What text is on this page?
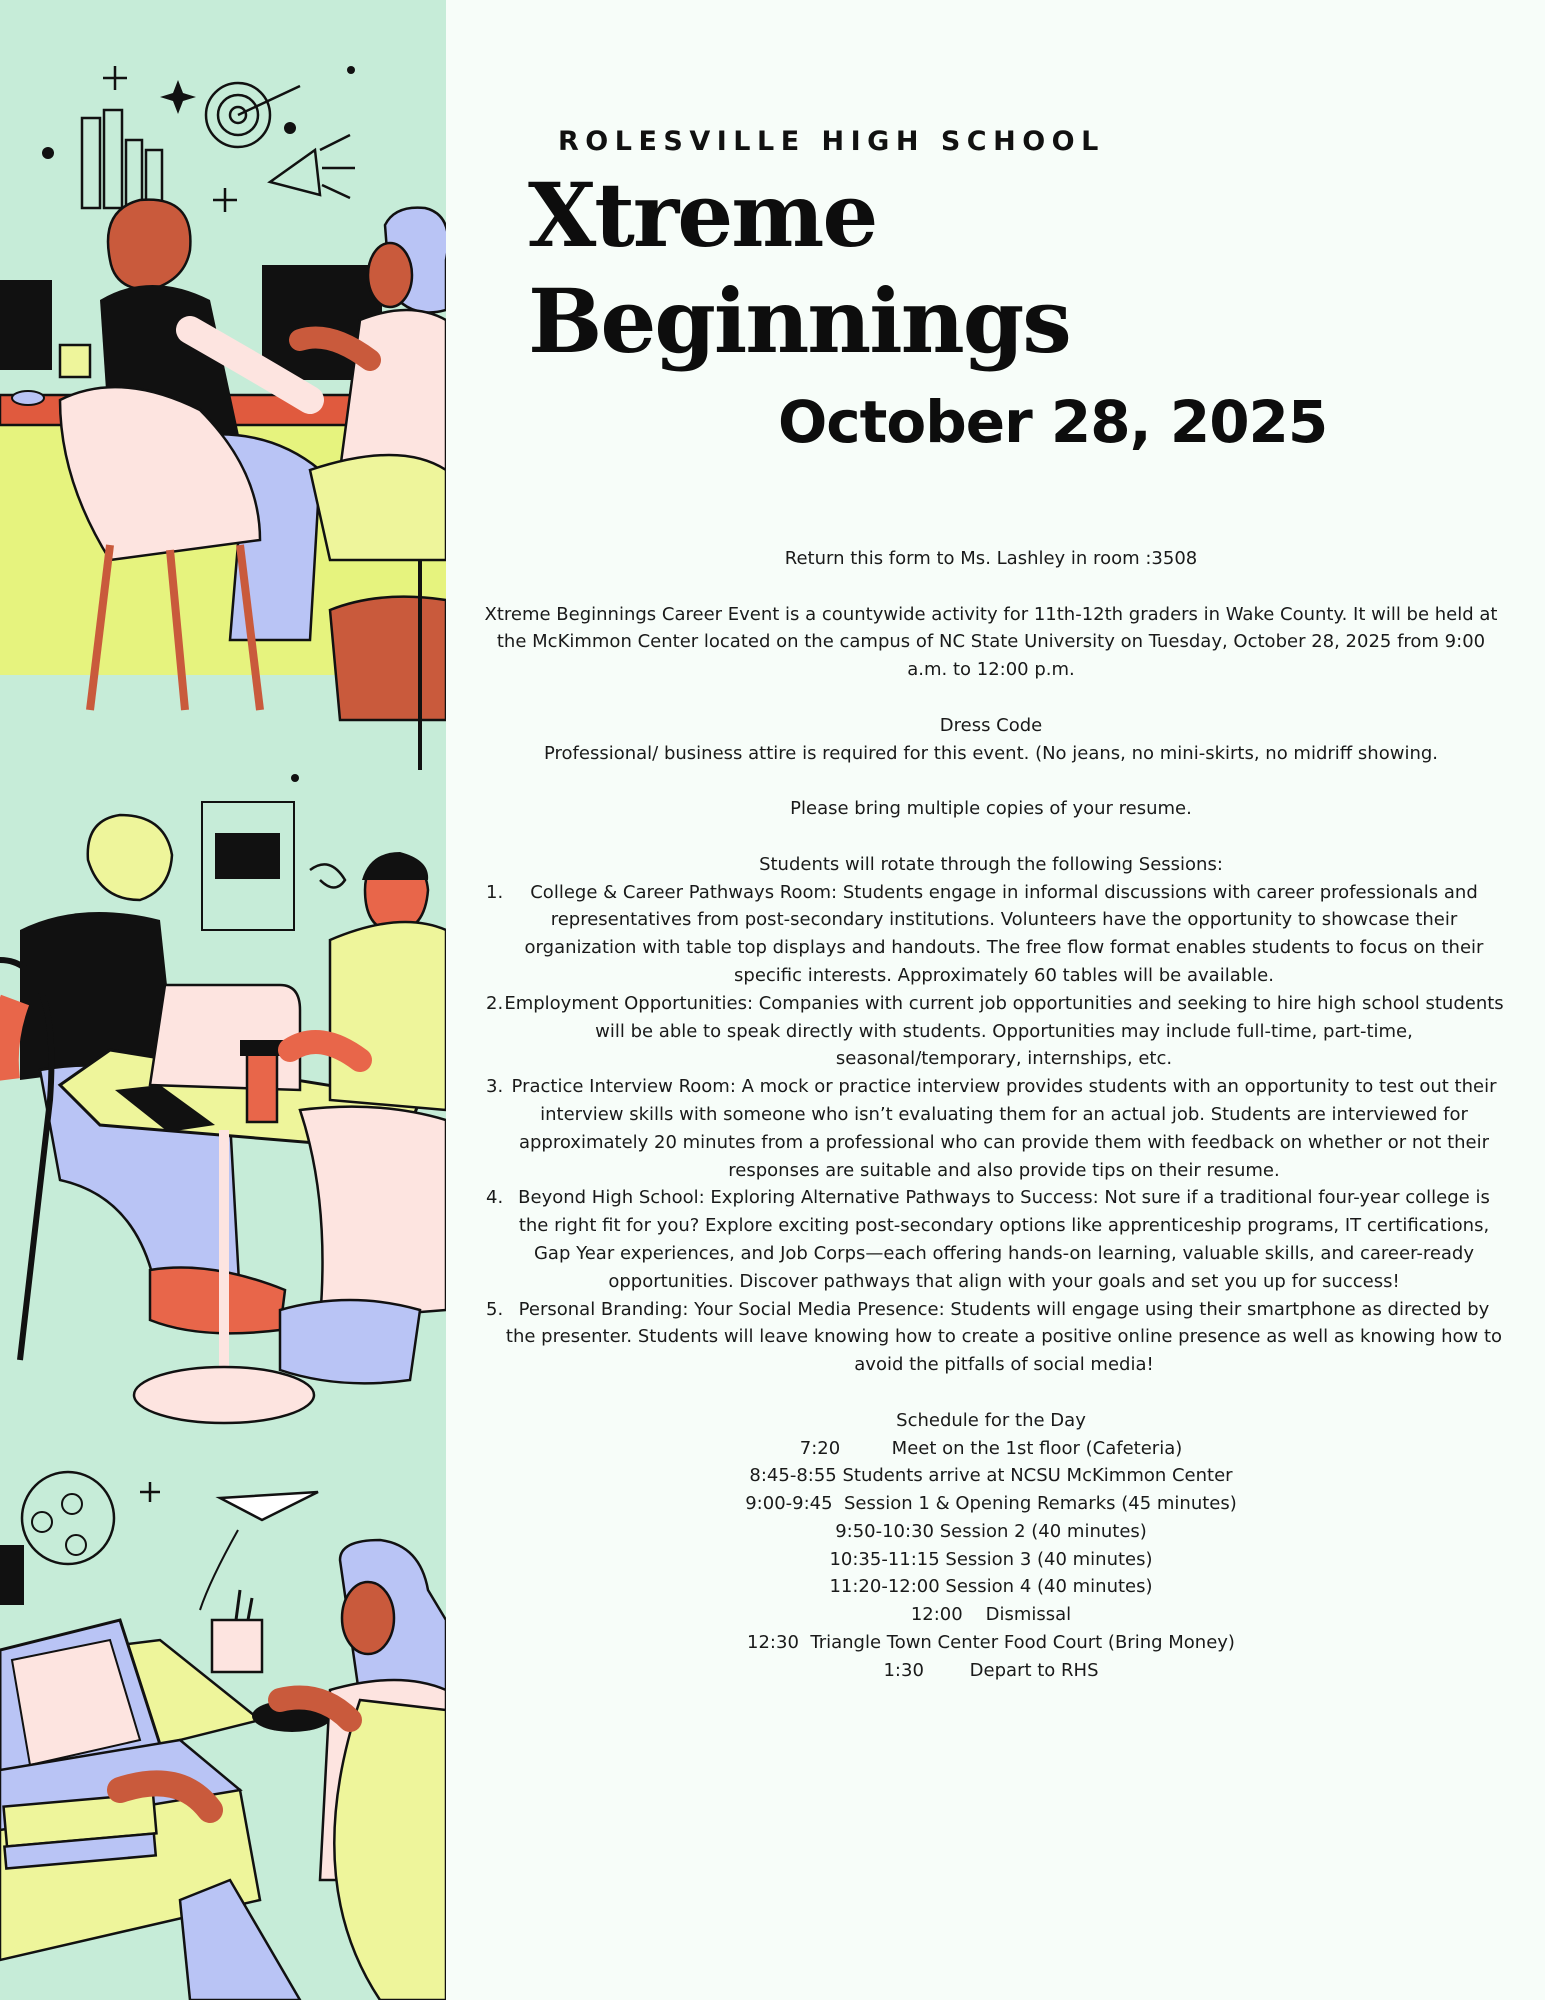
ROLESVILLE HIGH SCHOOL
Xtreme
Beginnings
October 28, 2025

Return this form to Ms. Lashley in room :3508

Xtreme Beginnings Career Event is a countywide activity for 11th-12th graders in Wake County. It will be held at the McKimmon Center located on the campus of NC State University on Tuesday, October 28, 2025 from 9:00 a.m. to 12:00 p.m.

Dress Code

Professional/ business attire is required for this event. (No jeans, no mini-skirts, no midriff showing.

Please bring multiple copies of your resume.

Students will rotate through the following Sessions:

1. College & Career Pathways Room: Students engage in informal discussions with career professionals and representatives from post-secondary institutions. Volunteers have the opportunity to showcase their organization with table top displays and handouts. The free flow format enables students to focus on their specific interests. Approximately 60 tables will be available.
2. Employment Opportunities: Companies with current job opportunities and seeking to hire high school students will be able to speak directly with students. Opportunities may include full-time, part-time, seasonal/temporary, internships, etc.
3. Practice Interview Room: A mock or practice interview provides students with an opportunity to test out their interview skills with someone who isn’t evaluating them for an actual job. Students are interviewed for approximately 20 minutes from a professional who can provide them with feedback on whether or not their responses are suitable and also provide tips on their resume.
4. Beyond High School: Exploring Alternative Pathways to Success: Not sure if a traditional four-year college is the right fit for you? Explore exciting post-secondary options like apprenticeship programs, IT certifications, Gap Year experiences, and Job Corps—each offering hands-on learning, valuable skills, and career-ready opportunities. Discover pathways that align with your goals and set you up for success!
5. Personal Branding: Your Social Media Presence: Students will engage using their smartphone as directed by the presenter. Students will leave knowing how to create a positive online presence as well as knowing how to avoid the pitfalls of social media!

Schedule for the Day

7:20         Meet on the 1st floor (Cafeteria)

8:45-8:55 Students arrive at NCSU McKimmon Center

9:00-9:45  Session 1 & Opening Remarks (45 minutes)

9:50-10:30 Session 2 (40 minutes)

10:35-11:15 Session 3 (40 minutes)

11:20-12:00 Session 4 (40 minutes)

12:00    Dismissal

12:30  Triangle Town Center Food Court (Bring Money)

1:30        Depart to RHS
